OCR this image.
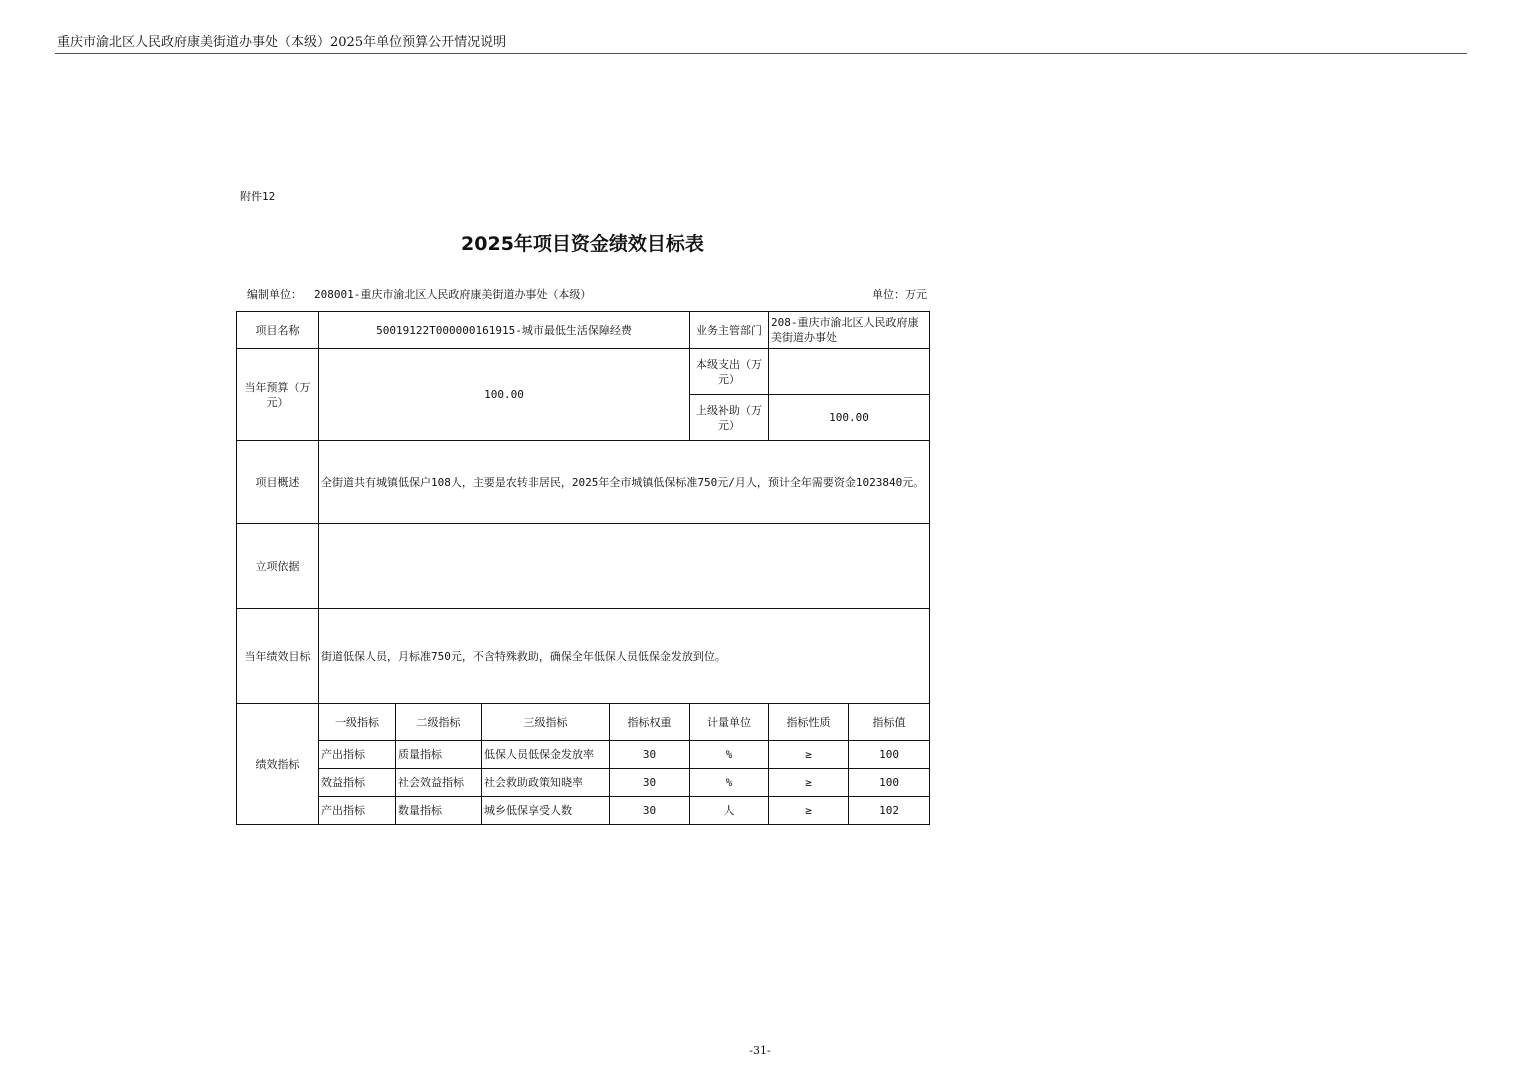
重庆市渝北区人民政府康美街道办事处（本级）2025年单位预算公开情况说明
附件12
2025年项目资金绩效目标表
编制单位： 208001-重庆市渝北区人民政府康美街道办事处（本级）	单位：万元
项目名称	50019122T000000161915-城市最低生活保障经费				业务主管部门	208-重庆市渝北区人民政府康美街道办事处	
当年预算（万元）	100.00				本级支出（万元）		
					上级补助（万元）	100.00	
项目概述	全街道共有城镇低保户108人，主要是农转非居民，2025年全市城镇低保标准750元/月人，预计全年需要资金1023840元。						
立项依据							
当年绩效目标	街道低保人员，月标准750元，不含特殊救助，确保全年低保人员低保金发放到位。						
绩效指标	一级指标	二级指标	三级指标	指标权重	计量单位	指标性质	指标值
	产出指标	质量指标	低保人员低保金发放率	30	%	≥	100
	效益指标	社会效益指标	社会救助政策知晓率	30	%	≥	100
	产出指标	数量指标	城乡低保享受人数	30	人	≥	102
-31-
